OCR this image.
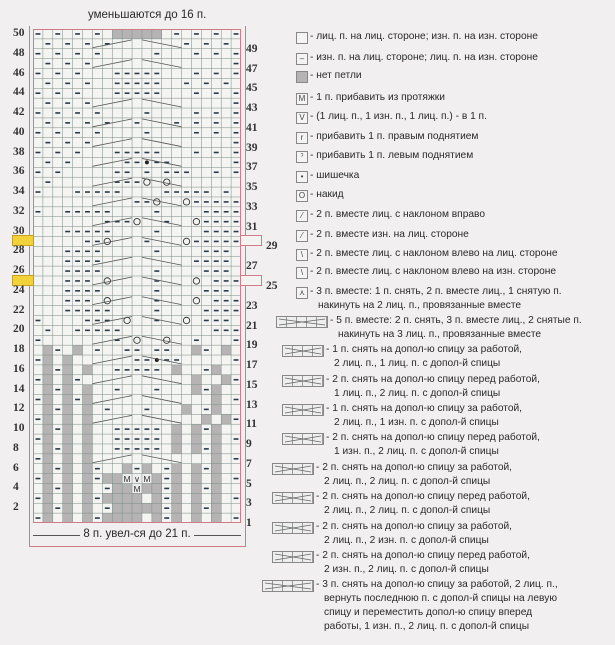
уменьшаются до 16 п.
M ∨ M
M
50
48
46
44
42
40
38
36
34
32
30
28
26
24
22
20
18
16
14
12
10
8
6
4
2
49
47
45
43
41
39
37
35
33
31
29
27
25
23
21
19
17
15
13
11
9
7
5
3
1
8 п. увел-ся до 21 п.
- лиц. п. на лиц. стороне; изн. п. на изн. стороне
– - изн. п. на лиц. стороне; лиц. п. на изн. стороне
- нет петли
M - 1 п. прибавить из протяжки
V - (1 лиц. п., 1 изн. п., 1 лиц. п.) - в 1 п.
r - прибавить 1 п. правым поднятием
ˀ - прибавить 1 п. левым поднятием
• - шишечка
O - накид
⁄ - 2 п. вместе лиц. с наклоном вправо
⁄ - 2 п. вместе изн. на лиц. стороне
\ - 2 п. вместе лиц. с наклоном влево на лиц. стороне
\ - 2 п. вместе лиц. с наклоном влево на изн. стороне
⋏ - 3 п. вместе: 1 п. снять, 2 п. вместе лиц., 1 снятую п.
накинуть на 2 лиц. п., провязанные вместе
- 5 п. вместе: 2 п. снять, 3 п. вместе лиц., 2 снятые п.
накинуть на 3 лиц. п., провязанные вместе
- 1 п. снять на допол-ю спицу за работой,
2 лиц. п., 1 лиц. п. с допол-й спицы
- 2 п. снять на допол-ю спицу перед работой,
1 лиц. п., 2 лиц. п. с допол-й спицы
- 1 п. снять на допол-ю спицу за работой,
2 лиц. п., 1 изн. п. с допол-й спицы
- 2 п. снять на допол-ю спицу перед работой,
1 изн. п., 2 лиц. п. с допол-й спицы
- 2 п. снять на допол-ю спицу за работой,
2 лиц. п., 2 лиц. п. с допол-й спицы
- 2 п. снять на допол-ю спицу перед работой,
2 лиц. п., 2 лиц. п. с допол-й спицы
- 2 п. снять на допол-ю спицу за работой,
2 лиц. п., 2 изн. п. с допол-й спицы
- 2 п. снять на допол-ю спицу перед работой,
2 изн. п., 2 лиц. п. с допол-й спицы
- 3 п. снять на допол-ю спицу за работой, 2 лиц. п.,
вернуть последнюю п. с допол-й спицы на левую
спицу и переместить допол-ю спицу вперед
работы, 1 изн. п., 2 лиц. п. с допол-й спицы
